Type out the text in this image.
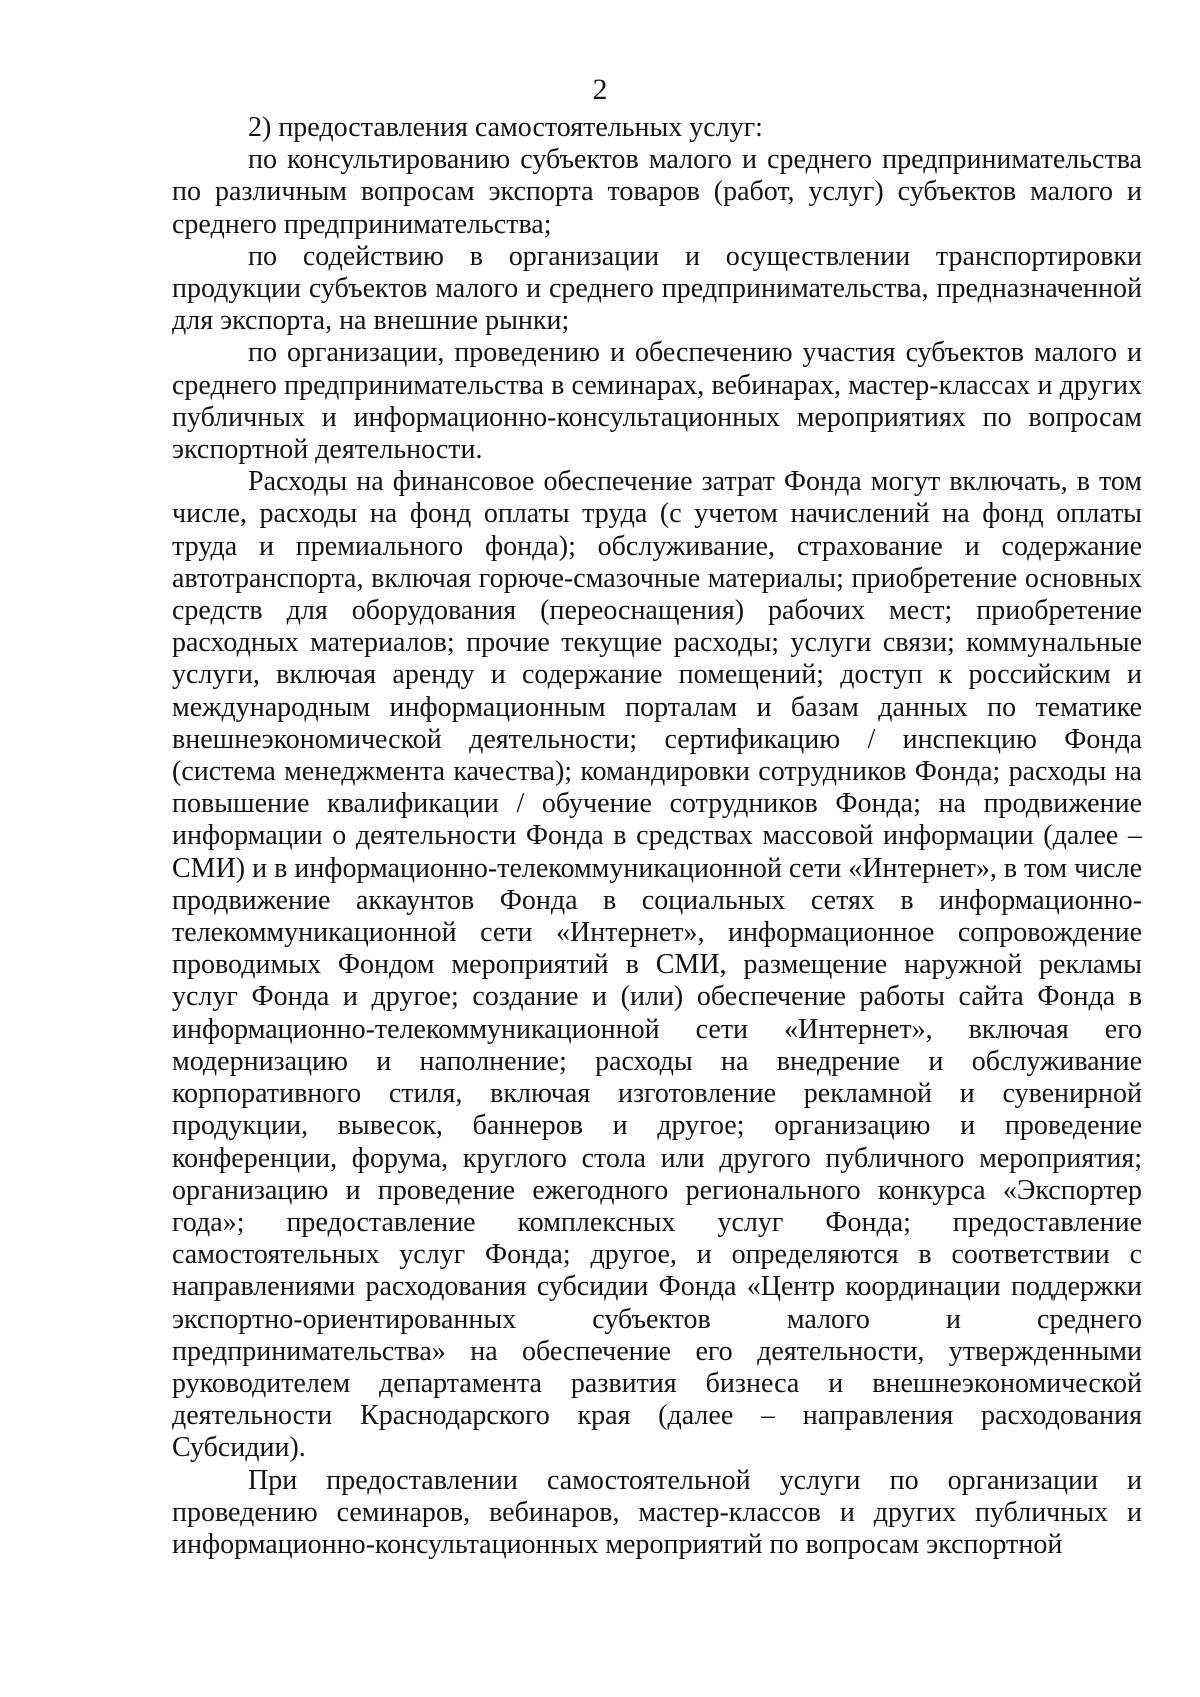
2

2) предоставления самостоятельных услуг:

по консультированию субъектов малого и среднего предпринимательства по различным вопросам экспорта товаров (работ, услуг) субъектов малого и среднего предпринимательства;

по содействию в организации и осуществлении транспортировки продукции субъектов малого и среднего предпринимательства, предназначенной для экспорта, на внешние рынки;

по организации, проведению и обеспечению участия субъектов малого и среднего предпринимательства в семинарах, вебинарах, мастер-классах и других публичных и информационно-консультационных мероприятиях по вопросам экспортной деятельности.

Расходы на финансовое обеспечение затрат Фонда могут включать, в том числе, расходы на фонд оплаты труда (с учетом начислений на фонд оплаты труда и премиального фонда); обслуживание, страхование и содержание автотранспорта, включая горюче-смазочные материалы; приобретение основных средств для оборудования (переоснащения) рабочих мест; приобретение расходных материалов; прочие текущие расходы; услуги связи; коммунальные услуги, включая аренду и содержание помещений; доступ к российским и международным информационным порталам и базам данных по тематике внешнеэкономической деятельности; сертификацию / инспекцию Фонда (система менеджмента качества); командировки сотрудников Фонда; расходы на повышение квалификации / обучение сотрудников Фонда; на продвижение информации о деятельности Фонда в средствах массовой информации (далее – СМИ) и в информационно-телекоммуникационной сети «Интернет», в том числе продвижение аккаунтов Фонда в социальных сетях в информационно-телекоммуникационной сети «Интернет», информационное сопровождение проводимых Фондом мероприятий в СМИ, размещение наружной рекламы услуг Фонда и другое; создание и (или) обеспечение работы сайта Фонда в информационно-телекоммуникационной сети «Интернет», включая его модернизацию и наполнение; расходы на внедрение и обслуживание корпоративного стиля, включая изготовление рекламной и сувенирной продукции, вывесок, баннеров и другое; организацию и проведение конференции, форума, круглого стола или другого публичного мероприятия; организацию и проведение ежегодного регионального конкурса «Экспортер года»; предоставление комплексных услуг Фонда; предоставление самостоятельных услуг Фонда; другое, и определяются в соответствии с направлениями расходования субсидии Фонда «Центр координации поддержки экспортно-ориентированных субъектов малого и среднего предпринимательства» на обеспечение его деятельности, утвержденными руководителем департамента развития бизнеса и внешнеэкономической деятельности Краснодарского края (далее – направления расходования Субсидии).

При предоставлении самостоятельной услуги по организации и проведению семинаров, вебинаров, мастер-классов и других публичных и информационно-консультационных мероприятий по вопросам экспортной
